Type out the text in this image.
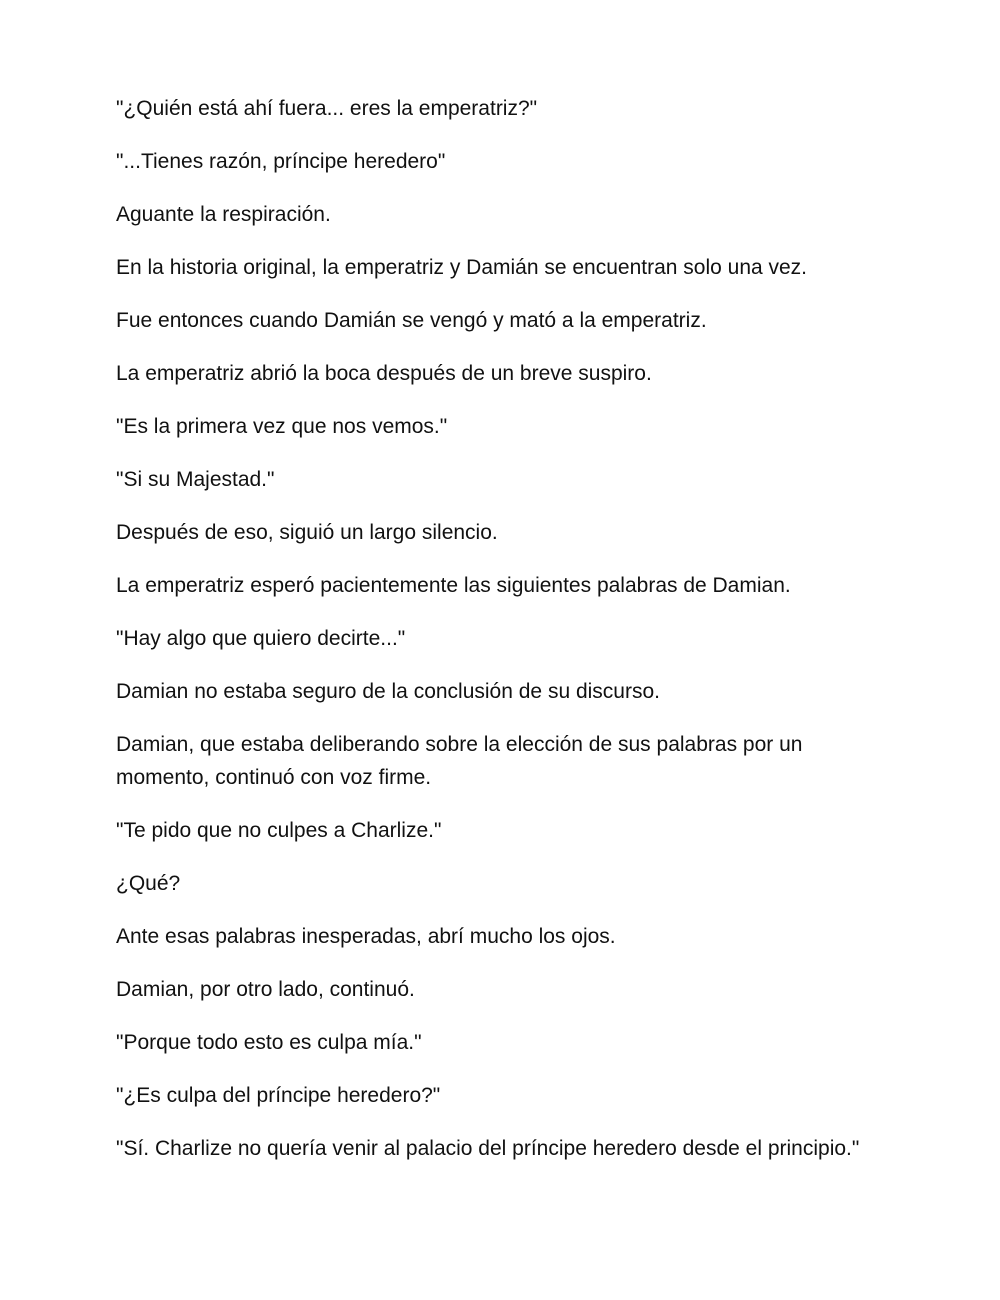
"¿Quién está ahí fuera... eres la emperatriz?"

"...Tienes razón, príncipe heredero"

Aguante la respiración.

En la historia original, la emperatriz y Damián se encuentran solo una vez.

Fue entonces cuando Damián se vengó y mató a la emperatriz.

La emperatriz abrió la boca después de un breve suspiro.

"Es la primera vez que nos vemos."

"Si su Majestad."

Después de eso, siguió un largo silencio.

La emperatriz esperó pacientemente las siguientes palabras de Damian.

"Hay algo que quiero decirte..."

Damian no estaba seguro de la conclusión de su discurso.

Damian, que estaba deliberando sobre la elección de sus palabras por un momento, continuó con voz firme.

"Te pido que no culpes a Charlize."

¿Qué?

Ante esas palabras inesperadas, abrí mucho los ojos.

Damian, por otro lado, continuó.

"Porque todo esto es culpa mía."

"¿Es culpa del príncipe heredero?"

"Sí. Charlize no quería venir al palacio del príncipe heredero desde el principio."
